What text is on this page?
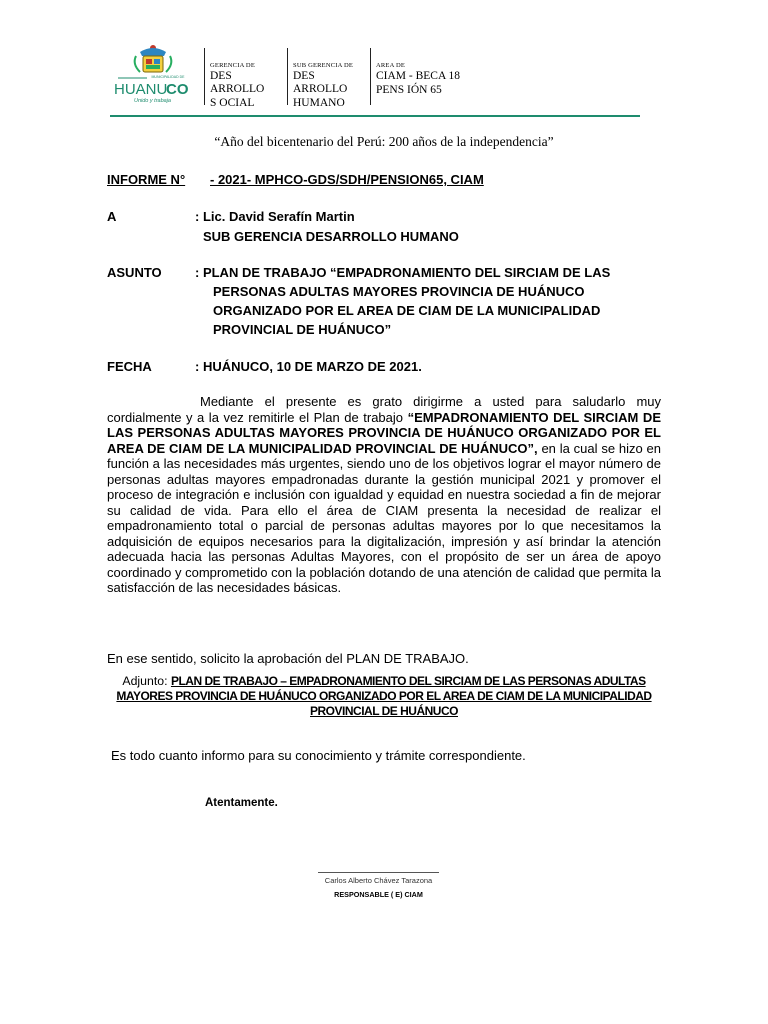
MUNICIPALIDAD DE
HUANU
CO
Unido y trabaja
GERENCIA DE
DES ARROLLO
S OCIAL
SUB GERENCIA DE
DES ARROLLO
HUMANO
AREA DE
CIAM - BECA 18
PENS IÓN 65
“Año del bicentenario del Perú: 200 años de la independencia”
INFORME N° - 2021- MPHCO-GDS/SDH/PENSION65, CIAM
A	: Lic. David Serafín Martin
SUB GERENCIA DESARROLLO HUMANO
ASUNTO	: PLAN DE TRABAJO “EMPADRONAMIENTO DEL SIRCIAM DE LAS
PERSONAS ADULTAS MAYORES PROVINCIA DE HUÁNUCO
ORGANIZADO POR EL AREA DE CIAM DE LA MUNICIPALIDAD
PROVINCIAL DE HUÁNUCO”
FECHA	: HUÁNUCO, 10 DE MARZO DE 2021.
Mediante el presente es grato dirigirme a usted para saludarlo muy cordialmente y a la vez remitirle el Plan de trabajo “EMPADRONAMIENTO DEL SIRCIAM DE LAS PERSONAS ADULTAS MAYORES PROVINCIA DE HUÁNUCO ORGANIZADO POR EL AREA DE CIAM DE LA MUNICIPALIDAD PROVINCIAL DE HUÁNUCO”, en la cual se hizo en función a las necesidades más urgentes, siendo uno de los objetivos lograr el mayor número de personas adultas mayores empadronadas durante la gestión municipal 2021 y promover el proceso de integración e inclusión con igualdad y equidad en nuestra sociedad a fin de mejorar su calidad de vida. Para ello el área de CIAM presenta la necesidad de realizar el empadronamiento total o parcial de personas adultas mayores por lo que necesitamos la adquisición de equipos necesarios para la digitalización, impresión y así brindar la atención adecuada hacia las personas Adultas Mayores, con el propósito de ser un área de apoyo coordinado y comprometido con la población dotando de una atención de calidad que permita la satisfacción de las necesidades básicas.
En ese sentido, solicito la aprobación del PLAN DE TRABAJO.
Adjunto: PLAN DE TRABAJO – EMPADRONAMIENTO DEL SIRCIAM DE LAS PERSONAS ADULTAS MAYORES PROVINCIA DE HUÁNUCO ORGANIZADO POR EL AREA DE CIAM DE LA MUNICIPALIDAD PROVINCIAL DE HUÁNUCO
Es todo cuanto informo para su conocimiento y trámite correspondiente.
Atentamente.
Carlos Alberto Chávez Tarazona
RESPONSABLE ( E) CIAM
